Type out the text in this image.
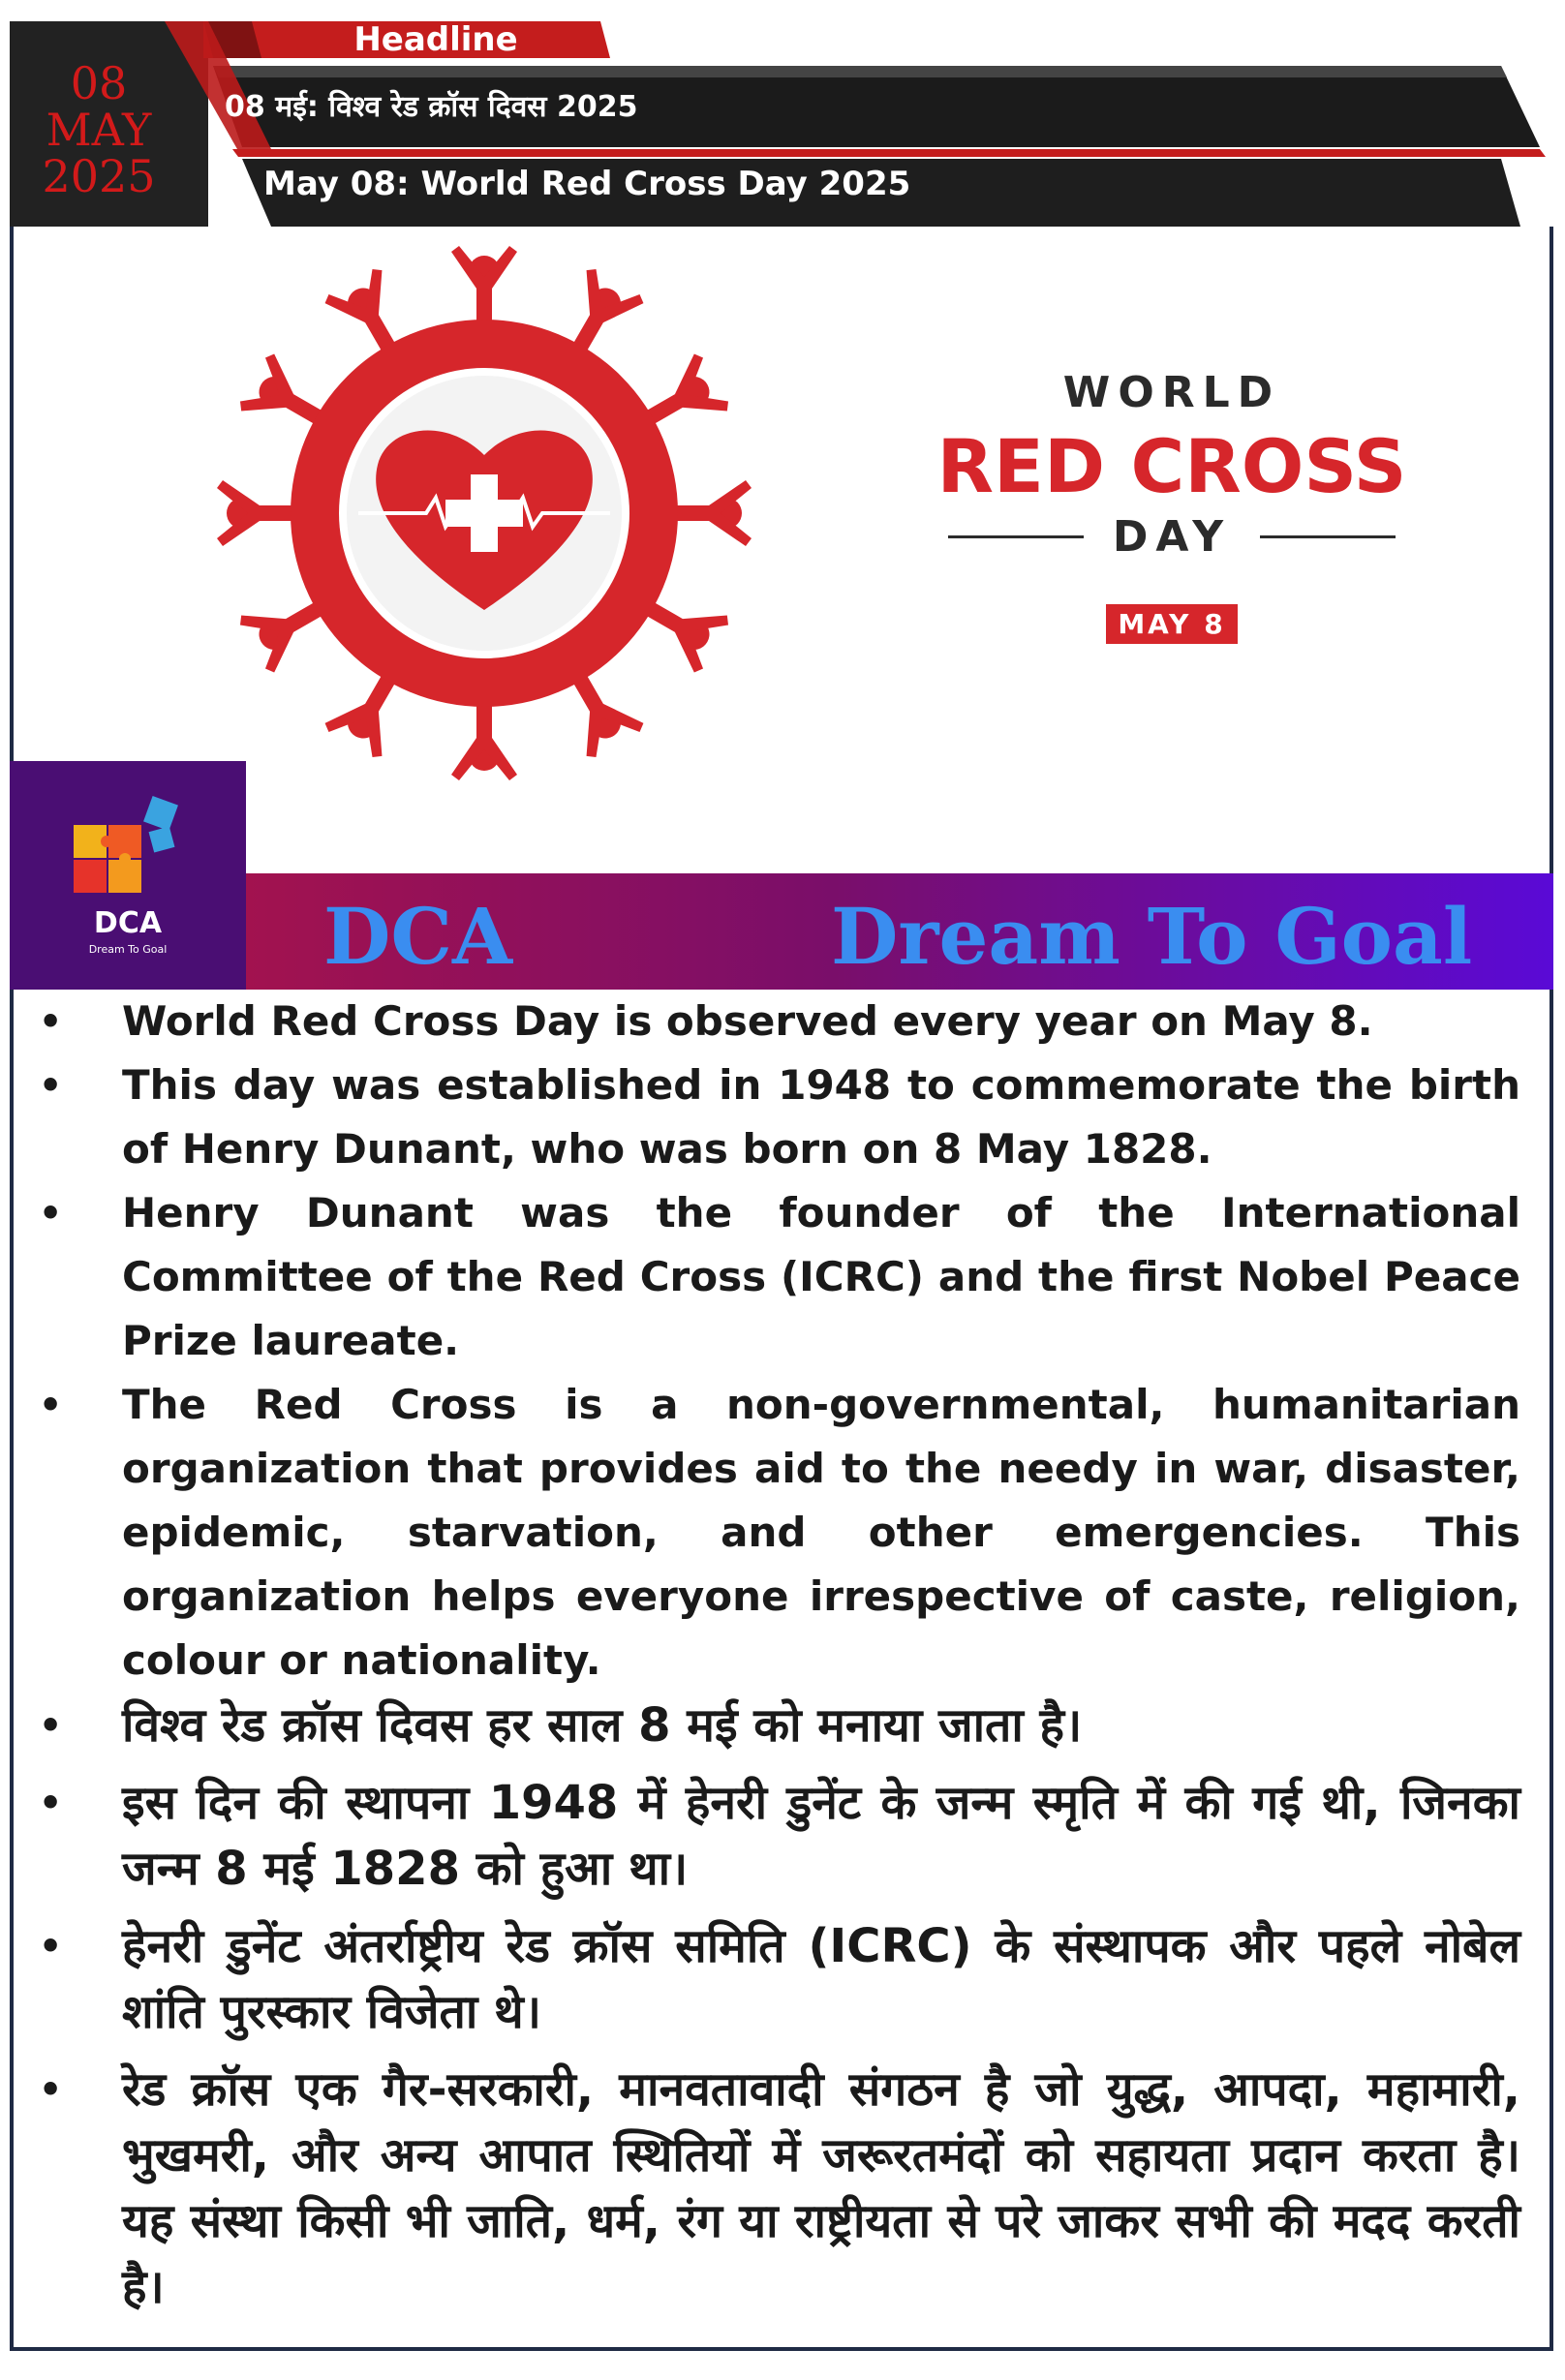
08
MAY
2025
Headline
08 मई: विश्व रेड क्रॉस दिवस 2025
May 08: World Red Cross Day 2025
WORLD
RED CROSS
DAY
MAY 8
DCA
Dream To Goal	DCA	Dream To Goal
• World Red Cross Day is observed every year on May 8.
• This day was established in 1948 to commemorate the birth of Henry Dunant, who was born on 8 May 1828.
• Henry Dunant was the founder of the International Committee of the Red Cross (ICRC) and the first Nobel Peace Prize laureate.
• The Red Cross is a non-governmental, humanitarian organization that provides aid to the needy in war, disaster, epidemic, starvation, and other emergencies. This organization helps everyone irrespective of caste, religion, colour or nationality.
• विश्व रेड क्रॉस दिवस हर साल 8 मई को मनाया जाता है।
• इस दिन की स्थापना 1948 में हेनरी डुनेंट के जन्म स्मृति में की गई थी, जिनका जन्म 8 मई 1828 को हुआ था।
• हेनरी डुनेंट अंतर्राष्ट्रीय रेड क्रॉस समिति (ICRC) के संस्थापक और पहले नोबेल शांति पुरस्कार विजेता थे।
• रेड क्रॉस एक गैर-सरकारी, मानवतावादी संगठन है जो युद्ध, आपदा, महामारी, भुखमरी, और अन्य आपात स्थितियों में जरूरतमंदों को सहायता प्रदान करता है। यह संस्था किसी भी जाति, धर्म, रंग या राष्ट्रीयता से परे जाकर सभी की मदद करती है।
